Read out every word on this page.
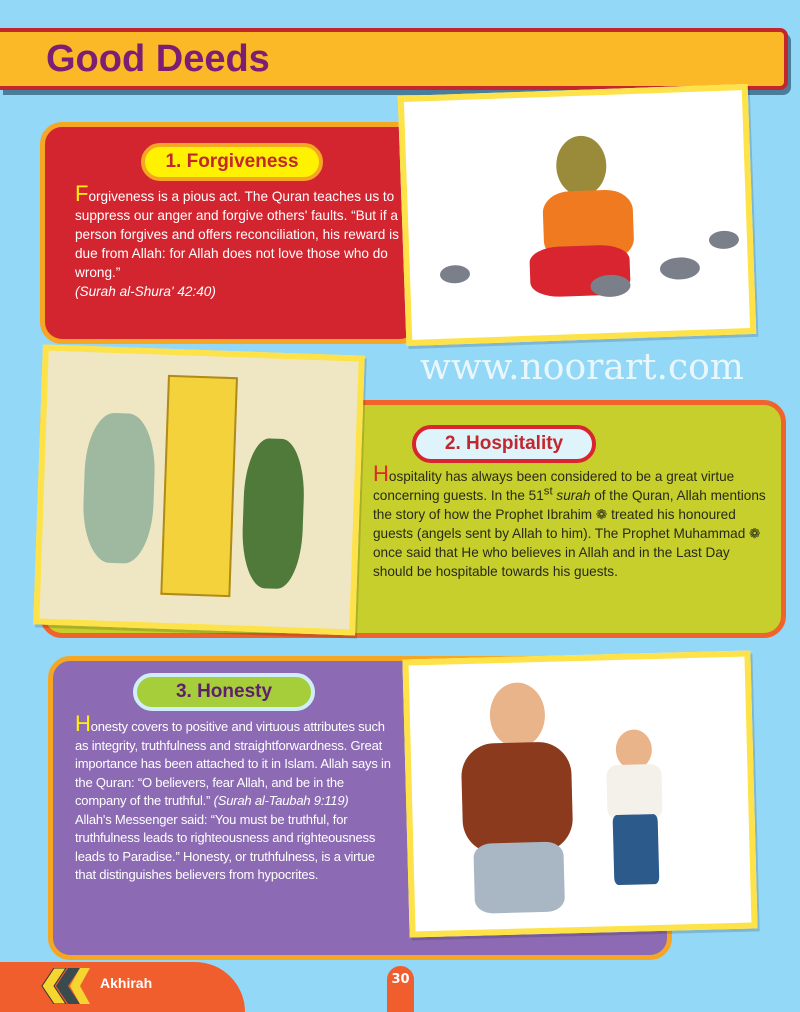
Good Deeds
1. Forgiveness
Forgiveness is a pious act. The Quran teaches us to suppress our anger and forgive others' faults. “But if a person forgives and offers reconciliation, his reward is due from Allah: for Allah does not love those who do wrong.”
(Surah al-Shura' 42:40)
www.noorart.com
2. Hospitality
Hospitality has always been considered to be a great virtue concerning guests. In the 51st surah of the Quran, Allah mentions the story of how the Prophet Ibrahim ❁ treated his honoured guests (angels sent by Allah to him). The Prophet Muhammad ❁ once said that He who believes in Allah and in the Last Day should be hospitable towards his guests.
3. Honesty
Honesty covers to positive and virtuous attributes such as integrity, truthfulness and straightforwardness. Great importance has been attached to it in Islam. Allah says in the Quran: “O believers, fear Allah, and be in the company of the truthful.” (Surah al-Taubah 9:119)
Allah's Messenger said: “You must be truthful, for truthfulness leads to righteousness and righteousness leads to Paradise.” Honesty, or truthfulness, is a virtue that distinguishes believers from hypocrites.
Akhirah	30
